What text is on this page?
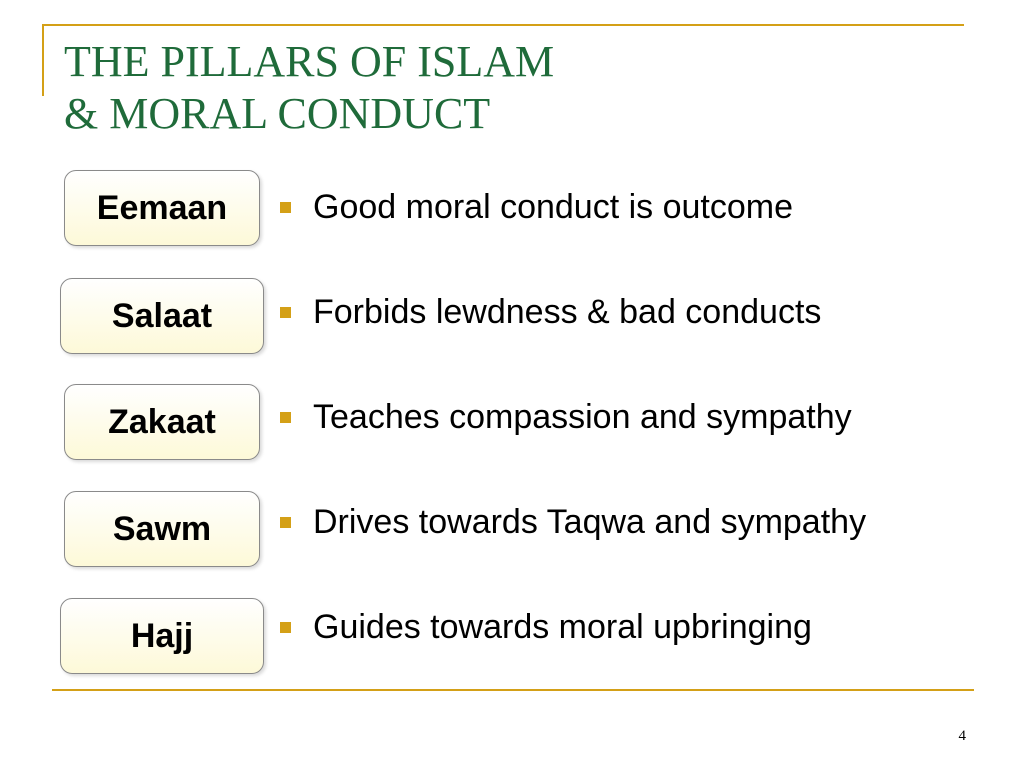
THE PILLARS OF ISLAM
& MORAL CONDUCT
Eemaan
Salaat
Zakaat
Sawm
Hajj
Good moral conduct is outcome
Forbids lewdness & bad conducts
Teaches compassion and sympathy
Drives towards Taqwa and sympathy
Guides towards moral upbringing
4
